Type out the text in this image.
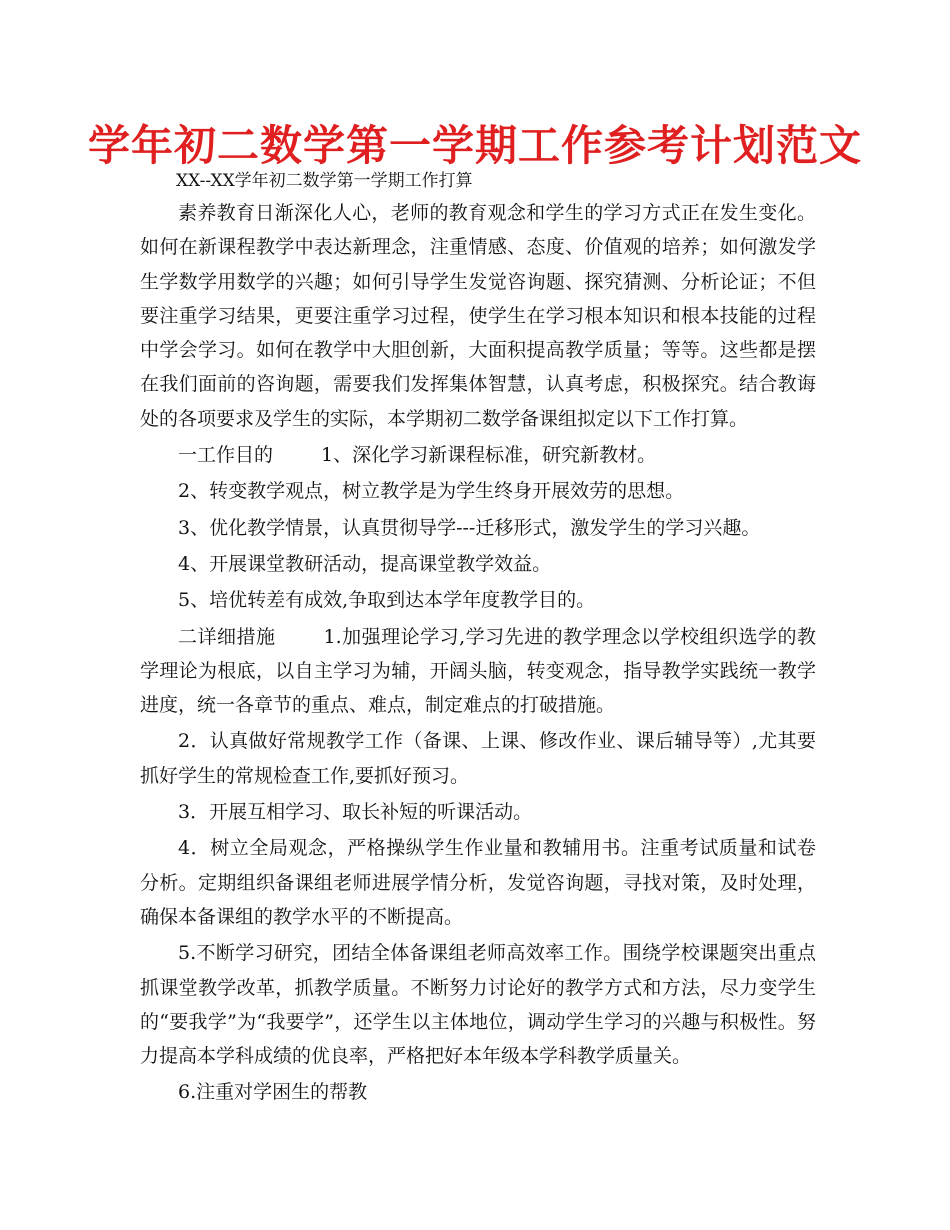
学年初二数学第一学期工作参考计划范文
XX--XX学年初二数学第一学期工作打算

素养教育日渐深化人心，老师的教育观念和学生的学习方式正在发生变化。如何在新课程教学中表达新理念，注重情感、态度、价值观的培养；如何激发学生学数学用数学的兴趣；如何引导学生发觉咨询题、探究猜测、分析论证；不但要注重学习结果，更要注重学习过程，使学生在学习根本知识和根本技能的过程中学会学习。如何在教学中大胆创新，大面积提高教学质量；等等。这些都是摆在我们面前的咨询题，需要我们发挥集体智慧，认真考虑，积极探究。结合教诲处的各项要求及学生的实际，本学期初二数学备课组拟定以下工作打算。

一工作目的	1、深化学习新课程标准，研究新教材。

2、转变教学观点，树立教学是为学生终身开展效劳的思想。

3、优化教学情景，认真贯彻导学---迁移形式，激发学生的学习兴趣。

4、开展课堂教研活动，提高课堂教学效益。

5、培优转差有成效,争取到达本学年度教学目的。

二详细措施	1.加强理论学习,学习先进的教学理念以学校组织选学的教学理论为根底，以自主学习为辅，开阔头脑，转变观念，指导教学实践统一教学进度，统一各章节的重点、难点，制定难点的打破措施。

2．认真做好常规教学工作（备课、上课、修改作业、课后辅导等）,尤其要抓好学生的常规检查工作,要抓好预习。

3．开展互相学习、取长补短的听课活动。

4．树立全局观念，严格操纵学生作业量和教辅用书。注重考试质量和试卷分析。定期组织备课组老师进展学情分析，发觉咨询题，寻找对策，及时处理，确保本备课组的教学水平的不断提高。

5.不断学习研究，团结全体备课组老师高效率工作。围绕学校课题突出重点抓课堂教学改革，抓教学质量。不断努力讨论好的教学方式和方法，尽力变学生的“要我学”为“我要学”，还学生以主体地位，调动学生学习的兴趣与积极性。努力提高本学科成绩的优良率，严格把好本年级本学科教学质量关。

6.注重对学困生的帮教
